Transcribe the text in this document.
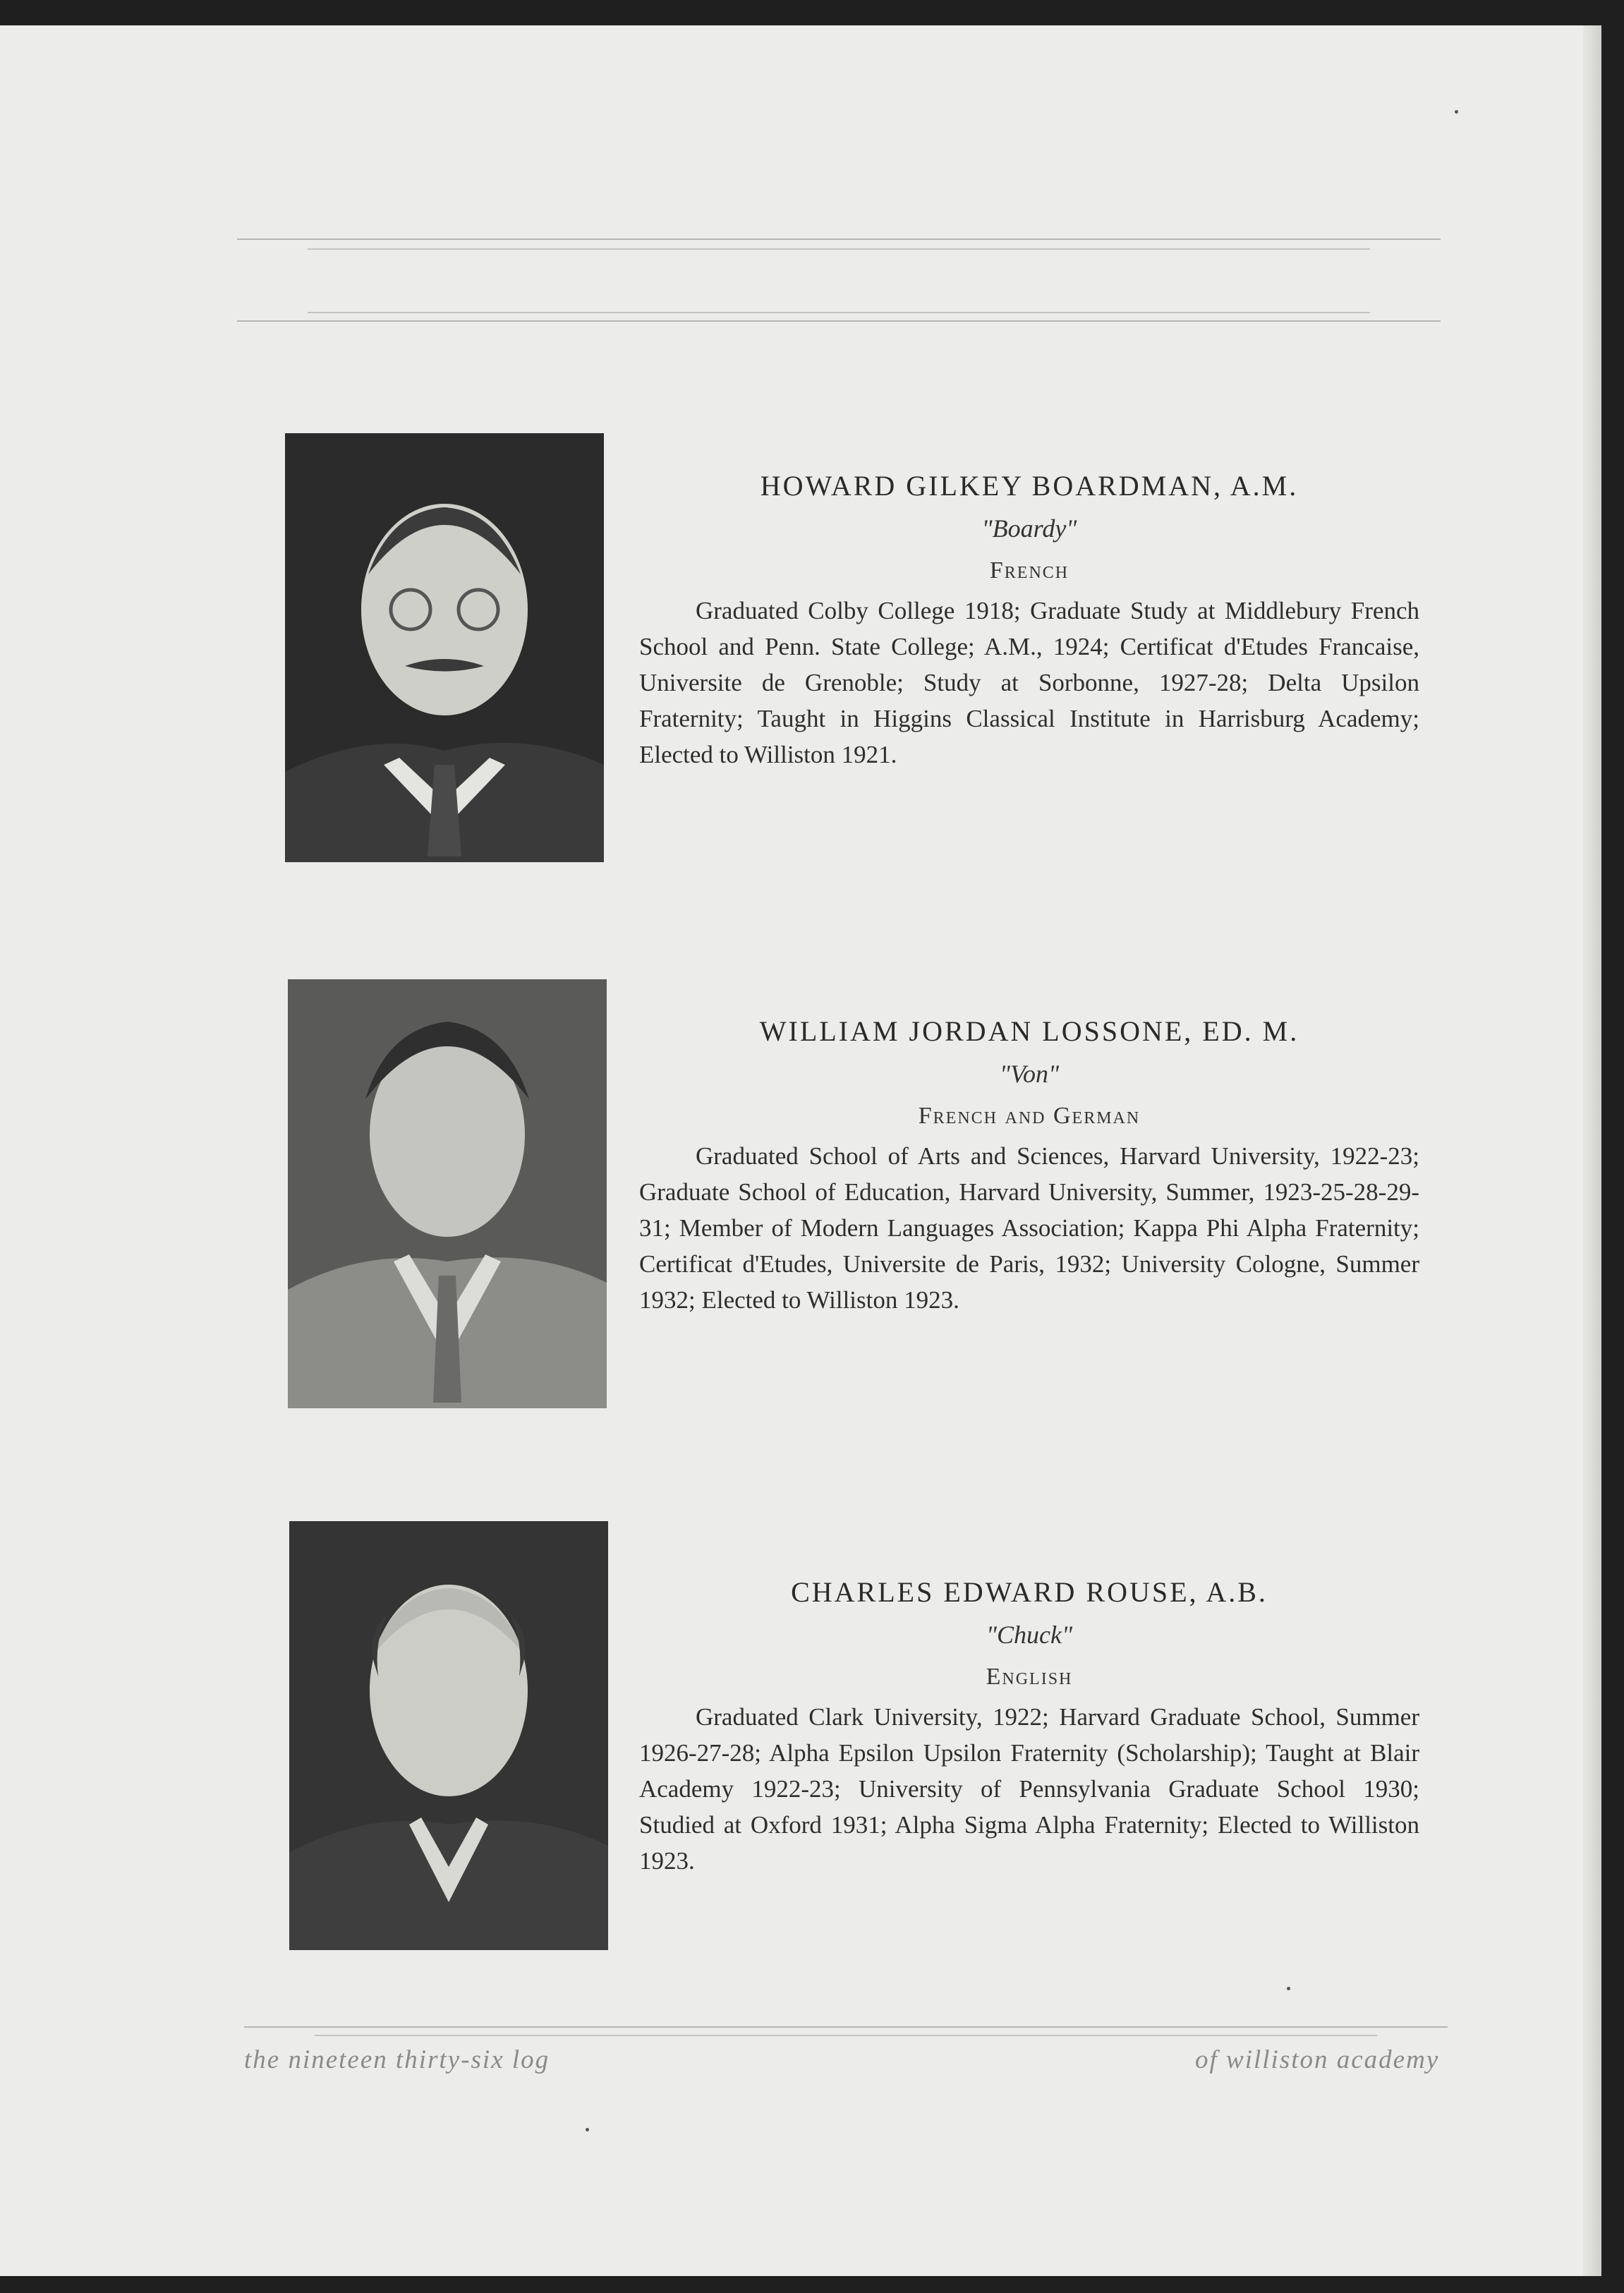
HOWARD GILKEY BOARDMAN, A.M.

"Boardy"

French

Graduated Colby College 1918; Graduate Study at Middlebury French School and Penn. State College; A.M., 1924; Certificat d'Etudes Francaise, Universite de Grenoble; Study at Sorbonne, 1927-28; Delta Upsilon Fraternity; Taught in Higgins Classical Institute in Harrisburg Academy; Elected to Williston 1921.

WILLIAM JORDAN LOSSONE, ED. M.

"Von"

French and German

Graduated School of Arts and Sciences, Harvard University, 1922-23; Graduate School of Education, Harvard University, Summer, 1923-25-28-29-31; Member of Modern Languages Association; Kappa Phi Alpha Fraternity; Certificat d'Etudes, Universite de Paris, 1932; University Cologne, Summer 1932; Elected to Williston 1923.

CHARLES EDWARD ROUSE, A.B.

"Chuck"

English

Graduated Clark University, 1922; Harvard Graduate School, Summer 1926-27-28; Alpha Epsilon Upsilon Fraternity (Scholarship); Taught at Blair Academy 1922-23; University of Pennsylvania Graduate School 1930; Studied at Oxford 1931; Alpha Sigma Alpha Fraternity; Elected to Williston 1923.

the nineteen thirty-six log	of williston academy
